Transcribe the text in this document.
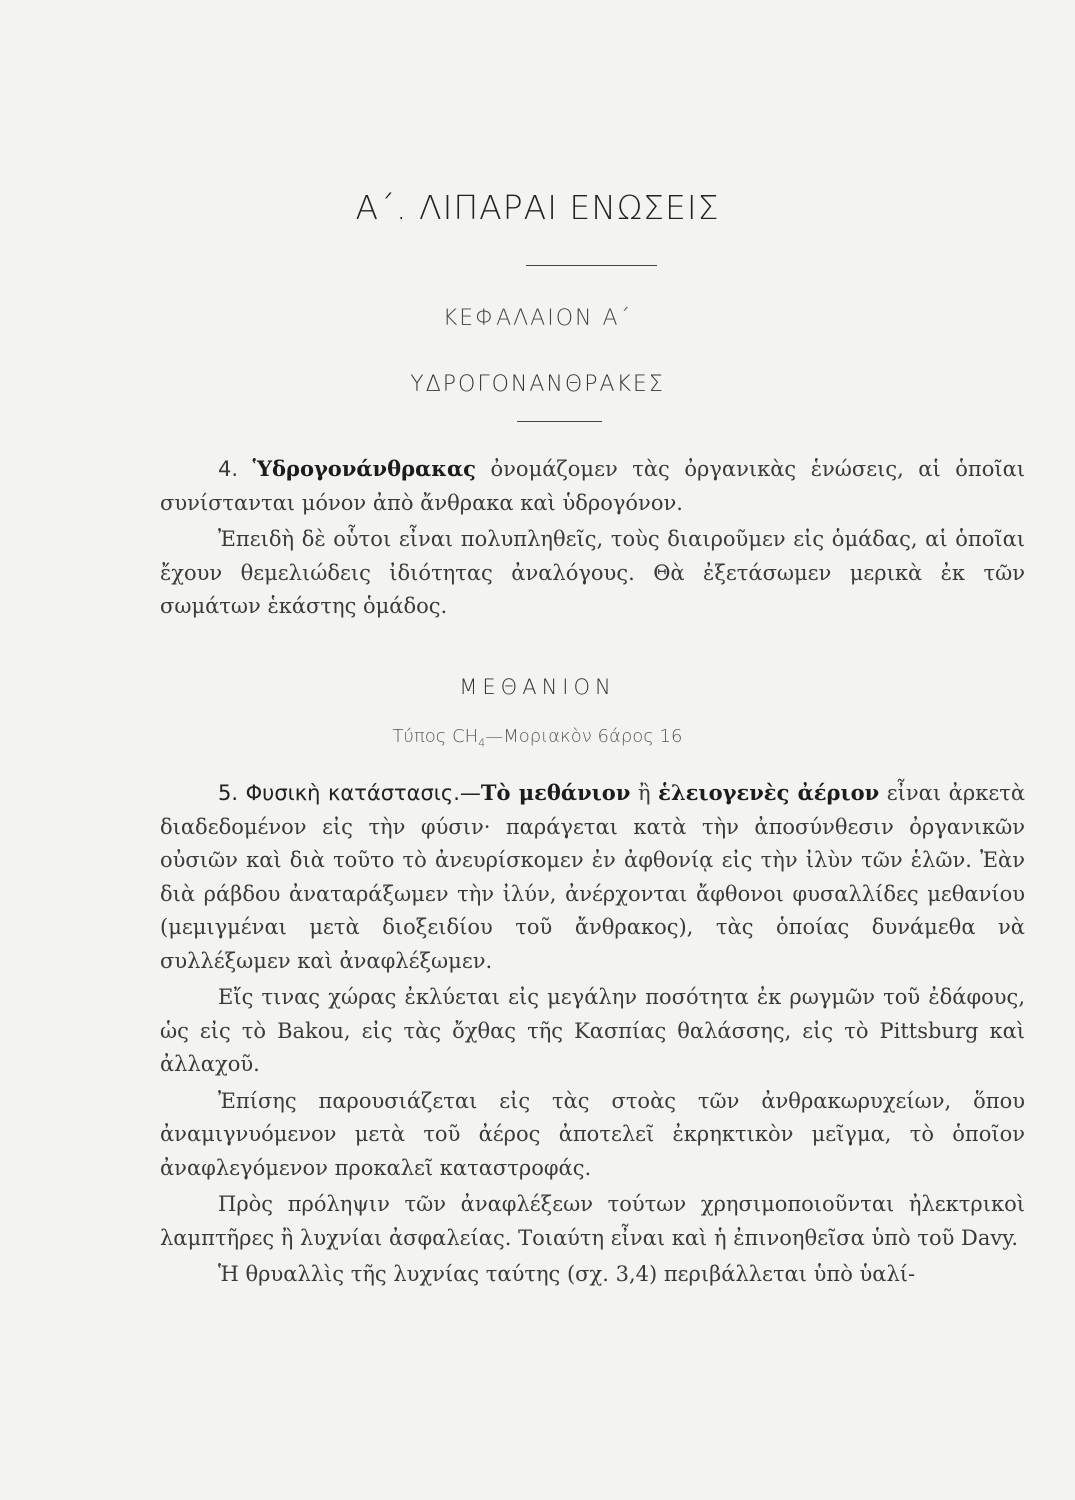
Α΄. ΛΙΠΑΡΑΙ ΕΝΩΣΕΙΣ
ΚΕΦΑΛΑΙΟΝ Α΄
ΥΔΡΟΓΟΝΑΝΘΡΑΚΕΣ

4. Ὑδρογονάνθρακας ὀνομάζομεν τὰς ὀργανικὰς ἑνώσεις, αἱ ὁποῖαι συνίστανται μόνον ἀπὸ ἄνθρακα καὶ ὑδρογόνον.

Ἐπειδὴ δὲ οὗτοι εἶναι πολυπληθεῖς, τοὺς διαιροῦμεν εἰς ὁμάδας, αἱ ὁποῖαι ἔχουν θεμελιώδεις ἰδιότητας ἀναλόγους. Θὰ ἐξετάσωμεν μερικὰ ἐκ τῶν σωμάτων ἑκάστης ὁμάδος.

ΜΕΘΑΝΙΟΝ
Τύπος $CH_4—Mo\rho\iota\alpha\kappa ὸ\nu$ 6άρος 16

5. Φυσικὴ κατάστασις.—Τὸ μεθάνιον ἢ ἑλειογενὲς ἀέριον εἶναι ἀρκετὰ διαδεδομένον εἰς τὴν φύσιν· παράγεται κατὰ τὴν ἀποσύνθεσιν ὀργανικῶν οὐσιῶν καὶ διὰ τοῦτο τὸ ἀνευρίσκομεν ἐν ἀφθονίᾳ εἰς τὴν ἰλὺν τῶν ἑλῶν. Ἐὰν διὰ ράβδου ἀναταράξωμεν τὴν ἰλύν, ἀνέρχονται ἄφθονοι φυσαλλίδες μεθανίου (μεμιγμέναι μετὰ διοξειδίου τοῦ ἄνθρακος), τὰς ὁποίας δυνάμεθα νὰ συλλέξωμεν καὶ ἀναφλέξωμεν.

Εἴς τινας χώρας ἐκλύεται εἰς μεγάλην ποσότητα ἐκ ρωγμῶν τοῦ ἐδάφους, ὡς εἰς τὸ Bakou, εἰς τὰς ὄχθας τῆς Κασπίας θαλάσσης, εἰς τὸ Pittsburg καὶ ἀλλαχοῦ.

Ἐπίσης παρουσιάζεται εἰς τὰς στοὰς τῶν ἀνθρακωρυχείων, ὅπου ἀναμιγνυόμενον μετὰ τοῦ ἀέρος ἀποτελεῖ ἐκρηκτικὸν μεῖγμα, τὸ ὁποῖον ἀναφλεγόμενον προκαλεῖ καταστροφάς.

Πρὸς πρόληψιν τῶν ἀναφλέξεων τούτων χρησιμοποιοῦνται ἠλεκτρικοὶ λαμπτῆρες ἢ λυχνίαι ἀσφαλείας. Τοιαύτη εἶναι καὶ ἡ ἐπινοηθεῖσα ὑπὸ τοῦ Davy.

Ἡ θρυαλλὶς τῆς λυχνίας ταύτης (σχ. 3,4) περιβάλλεται ὑπὸ ὑαλί-
